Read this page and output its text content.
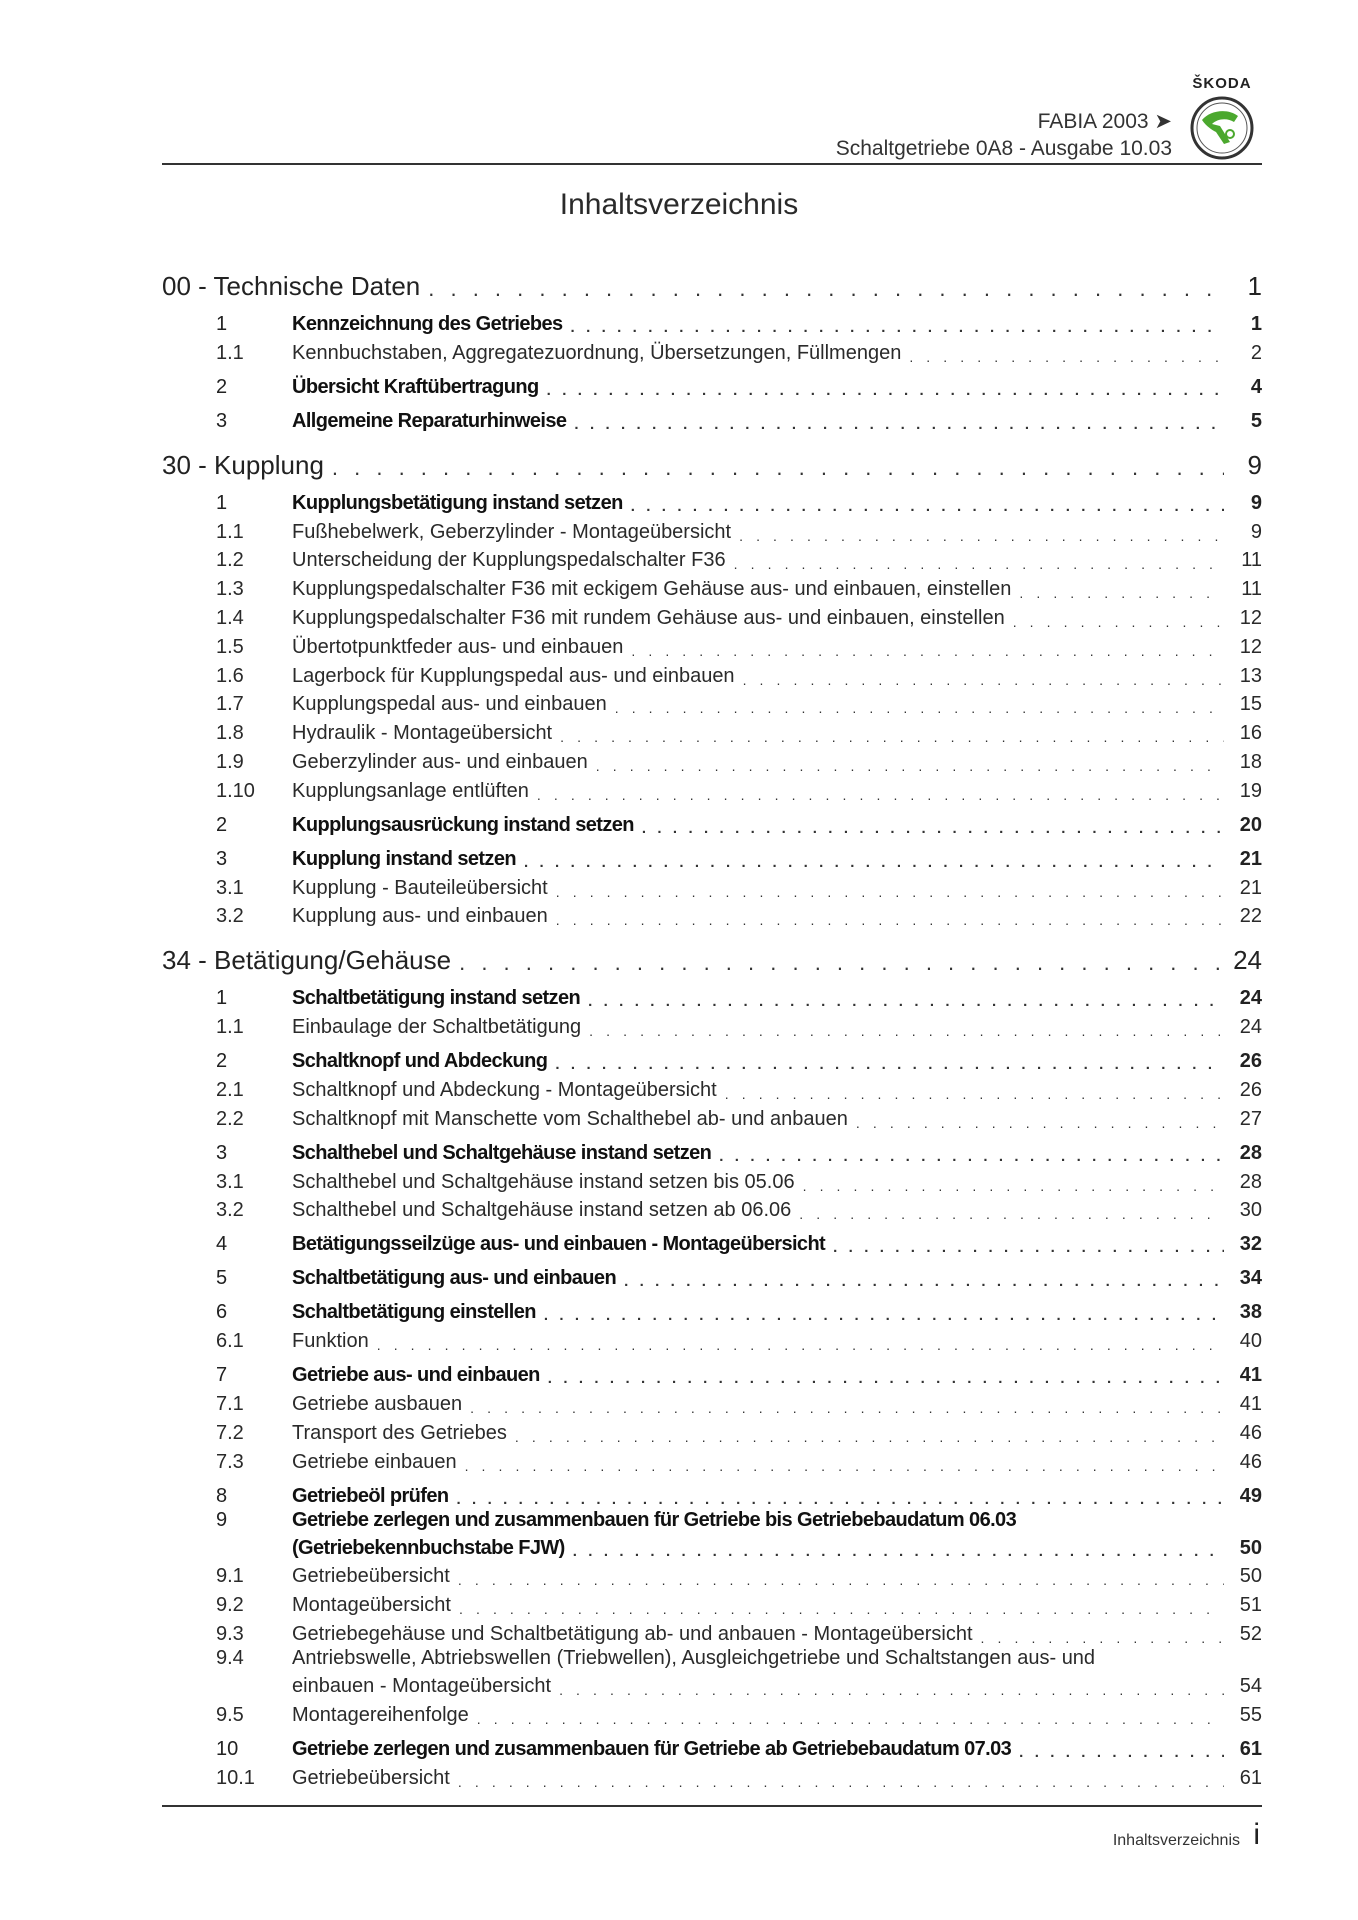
FABIA 2003 ➤
Schaltgetriebe 0A8 - Ausgabe 10.03
ŠKODA
Inhaltsverzeichnis
00 - Technische Daten . . .	1
1	Kennzeichnung des Getriebes . . .	1
1.1	Kennbuchstaben, Aggregatezuordnung, Übersetzungen, Füllmengen . . .	2
2	Übersicht Kraftübertragung . . .	4
3	Allgemeine Reparaturhinweise . . .	5
30 - Kupplung . . .	9
1	Kupplungsbetätigung instand setzen . . .	9
1.1	Fußhebelwerk, Geberzylinder - Montageübersicht . . .	9
1.2	Unterscheidung der Kupplungspedalschalter F36 . . .	11
1.3	Kupplungspedalschalter F36 mit eckigem Gehäuse aus- und einbauen, einstellen . . .	11
1.4	Kupplungspedalschalter F36 mit rundem Gehäuse aus- und einbauen, einstellen . . .	12
1.5	Übertotpunktfeder aus- und einbauen . . .	12
1.6	Lagerbock für Kupplungspedal aus- und einbauen . . .	13
1.7	Kupplungspedal aus- und einbauen . . .	15
1.8	Hydraulik - Montageübersicht . . .	16
1.9	Geberzylinder aus- und einbauen . . .	18
1.10	Kupplungsanlage entlüften . . .	19
2	Kupplungsausrückung instand setzen . . .	20
3	Kupplung instand setzen . . .	21
3.1	Kupplung - Bauteileübersicht . . .	21
3.2	Kupplung aus- und einbauen . . .	22
34 - Betätigung/Gehäuse . . .	24
1	Schaltbetätigung instand setzen . . .	24
1.1	Einbaulage der Schaltbetätigung . . .	24
2	Schaltknopf und Abdeckung . . .	26
2.1	Schaltknopf und Abdeckung - Montageübersicht . . .	26
2.2	Schaltknopf mit Manschette vom Schalthebel ab- und anbauen . . .	27
3	Schalthebel und Schaltgehäuse instand setzen . . .	28
3.1	Schalthebel und Schaltgehäuse instand setzen bis 05.06 . . .	28
3.2	Schalthebel und Schaltgehäuse instand setzen ab 06.06 . . .	30
4	Betätigungsseilzüge aus- und einbauen - Montageübersicht . . .	32
5	Schaltbetätigung aus- und einbauen . . .	34
6	Schaltbetätigung einstellen . . .	38
6.1	Funktion . . .	40
7	Getriebe aus- und einbauen . . .	41
7.1	Getriebe ausbauen . . .	41
7.2	Transport des Getriebes . . .	46
7.3	Getriebe einbauen . . .	46
8	Getriebeöl prüfen . . .	49
9	Getriebe zerlegen und zusammenbauen für Getriebe bis Getriebebaudatum 06.03
(Getriebekennbuchstabe FJW) . . .	50
9.1	Getriebeübersicht . . .	50
9.2	Montageübersicht . . .	51
9.3	Getriebegehäuse und Schaltbetätigung ab- und anbauen - Montageübersicht . . .	52
9.4	Antriebswelle, Abtriebswellen (Triebwellen), Ausgleichgetriebe und Schaltstangen aus- und
einbauen - Montageübersicht . . .	54
9.5	Montagereihenfolge . . .	55
10	Getriebe zerlegen und zusammenbauen für Getriebe ab Getriebebaudatum 07.03 . . .	61
10.1	Getriebeübersicht . . .	61
Inhaltsverzeichnis i
